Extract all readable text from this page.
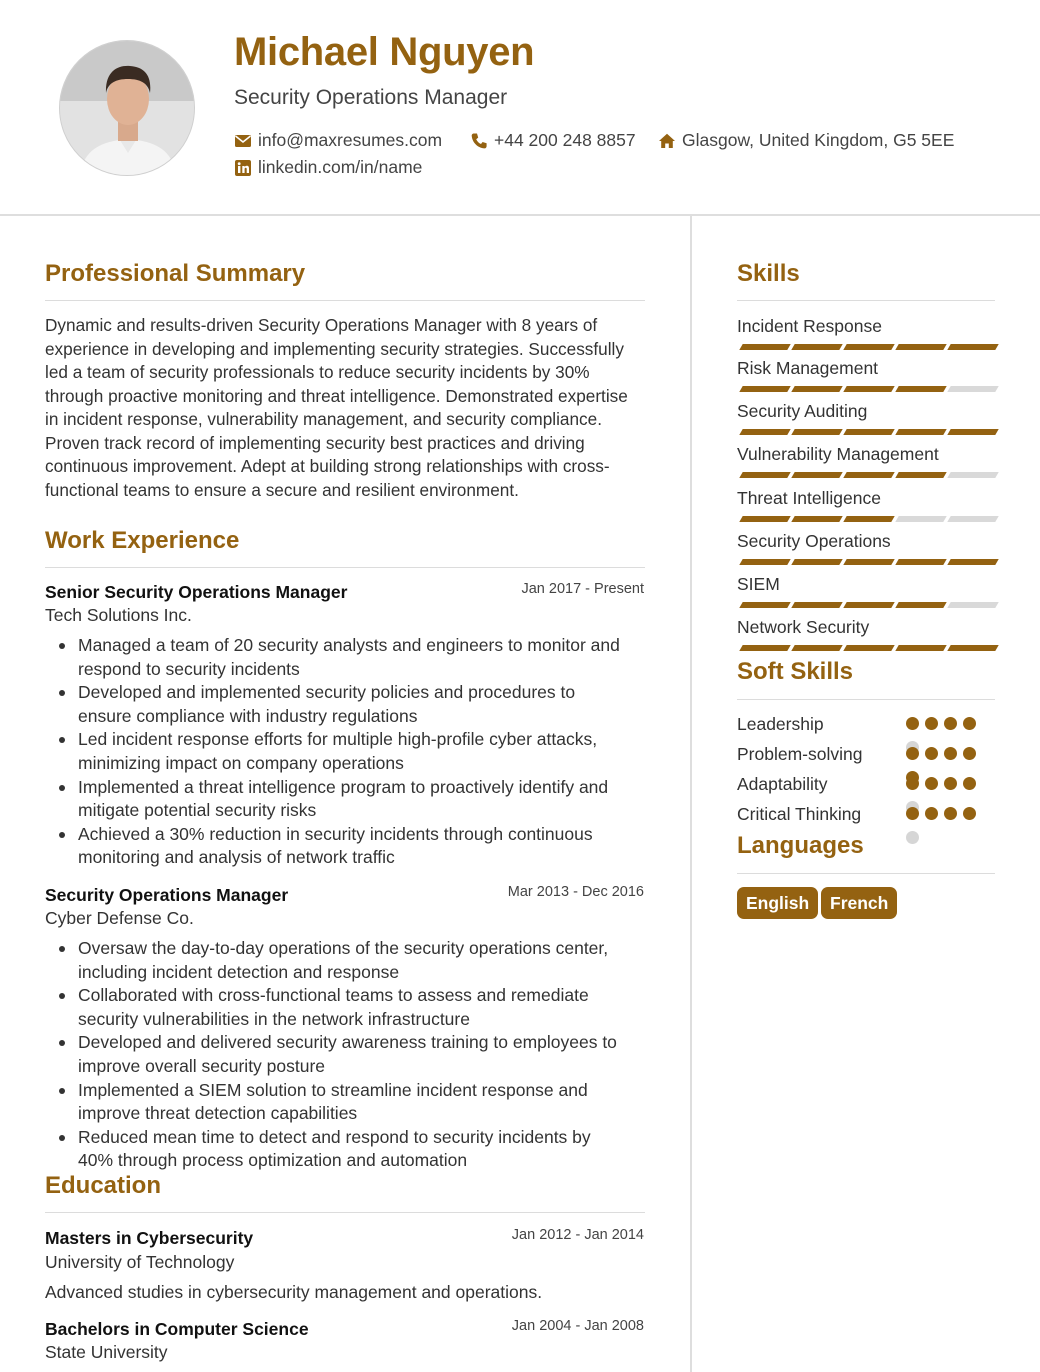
Michael Nguyen
Security Operations Manager
info@maxresumes.com	+44 200 248 8857	Glasgow, United Kingdom, G5 5EE
linkedin.com/in/name
Professional Summary
Dynamic and results-driven Security Operations Manager with 8 years of experience in developing and implementing security strategies. Successfully led a team of security professionals to reduce security incidents by 30% through proactive monitoring and threat intelligence. Demonstrated expertise in incident response, vulnerability management, and security compliance. Proven track record of implementing security best practices and driving continuous improvement. Adept at building strong relationships with cross-functional teams to ensure a secure and resilient environment.
Work Experience
Senior Security Operations Manager	Jan 2017 - Present
Tech Solutions Inc.
Managed a team of 20 security analysts and engineers to monitor and respond to security incidents
Developed and implemented security policies and procedures to ensure compliance with industry regulations
Led incident response efforts for multiple high-profile cyber attacks, minimizing impact on company operations
Implemented a threat intelligence program to proactively identify and mitigate potential security risks
Achieved a 30% reduction in security incidents through continuous monitoring and analysis of network traffic
Security Operations Manager	Mar 2013 - Dec 2016
Cyber Defense Co.
Oversaw the day-to-day operations of the security operations center, including incident detection and response
Collaborated with cross-functional teams to assess and remediate security vulnerabilities in the network infrastructure
Developed and delivered security awareness training to employees to improve overall security posture
Implemented a SIEM solution to streamline incident response and improve threat detection capabilities
Reduced mean time to detect and respond to security incidents by 40% through process optimization and automation
Education
Masters in Cybersecurity	Jan 2012 - Jan 2014
University of Technology
Advanced studies in cybersecurity management and operations.
Bachelors in Computer Science	Jan 2004 - Jan 2008
State University
Skills
Incident Response
Risk Management
Security Auditing
Vulnerability Management
Threat Intelligence
Security Operations
SIEM
Network Security
Soft Skills
Leadership
Problem-solving
Adaptability
Critical Thinking
Languages
English	French
